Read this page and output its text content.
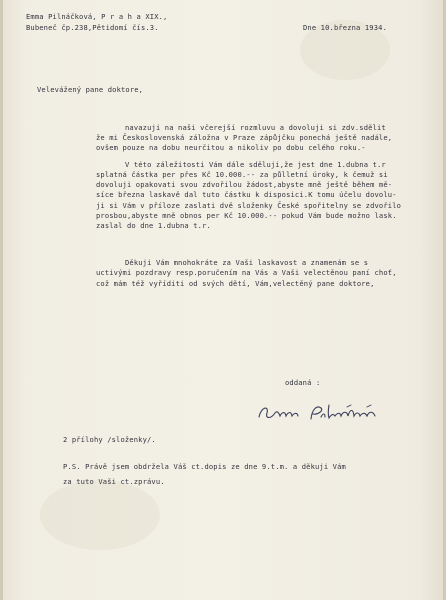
Emma Pilnáčková, P r a h a XIX.,
Bubeneč čp.238,Pětidomí čís.3.	Dne 10.března 1934.
Velevážený pane doktore,
navazuji na naši včerejší rozmluvu a dovoluji si zdv.sdělit
že mi Československá záložna v Praze zápůjčku ponechá ještě nadále,
ovšem pouze na dobu neurčitou a nikoliv po dobu celého roku.-
V této záležitosti Vám dále sděluji,že jest dne 1.dubna t.r
splatná částka per přes Kč 10.000.-- za půlletní úroky, k čemuž si
dovoluji opakovati svou zdvořilou žádost,abyste mně ještě během mě-
síce března laskavě dal tuto částku k disposici.K tomu účelu dovolu-
ji si Vám v příloze zaslati dvě složenky České spořitelny se zdvořilo
prosbou,abyste mně obnos per Kč 10.000.-- pokud Vám bude možno lask.
zaslal do dne 1.dubna t.r.
Děkuji Vám mnohokráte za Vaši laskavost a znamenám se s
uctivými pozdravy resp.poručením na Vás a Vaši velectěnou paní choť,
což mám též vyříditi od svých dětí, Vám,velectěný pane doktore,
oddaná :
2 přílohy /složenky/.
P.S. Právě jsem obdržela Váš ct.dopis ze dne 9.t.m. a děkuji Vám
za tuto Vaši ct.zprávu.
